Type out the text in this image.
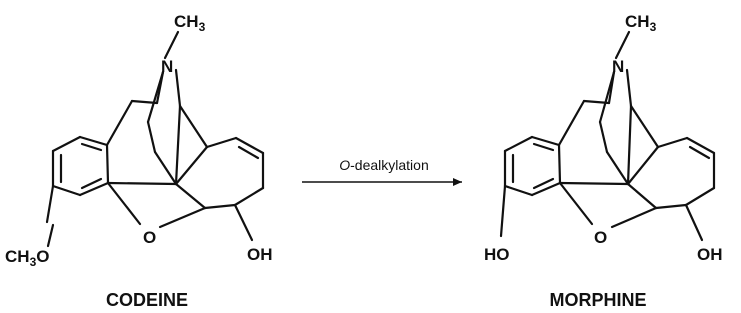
$CH_3$
N
O
OH
$CH_3O$
CODEINE
O-dealkylation
$CH_3$
N
O
OH
HO
MORPHINE
